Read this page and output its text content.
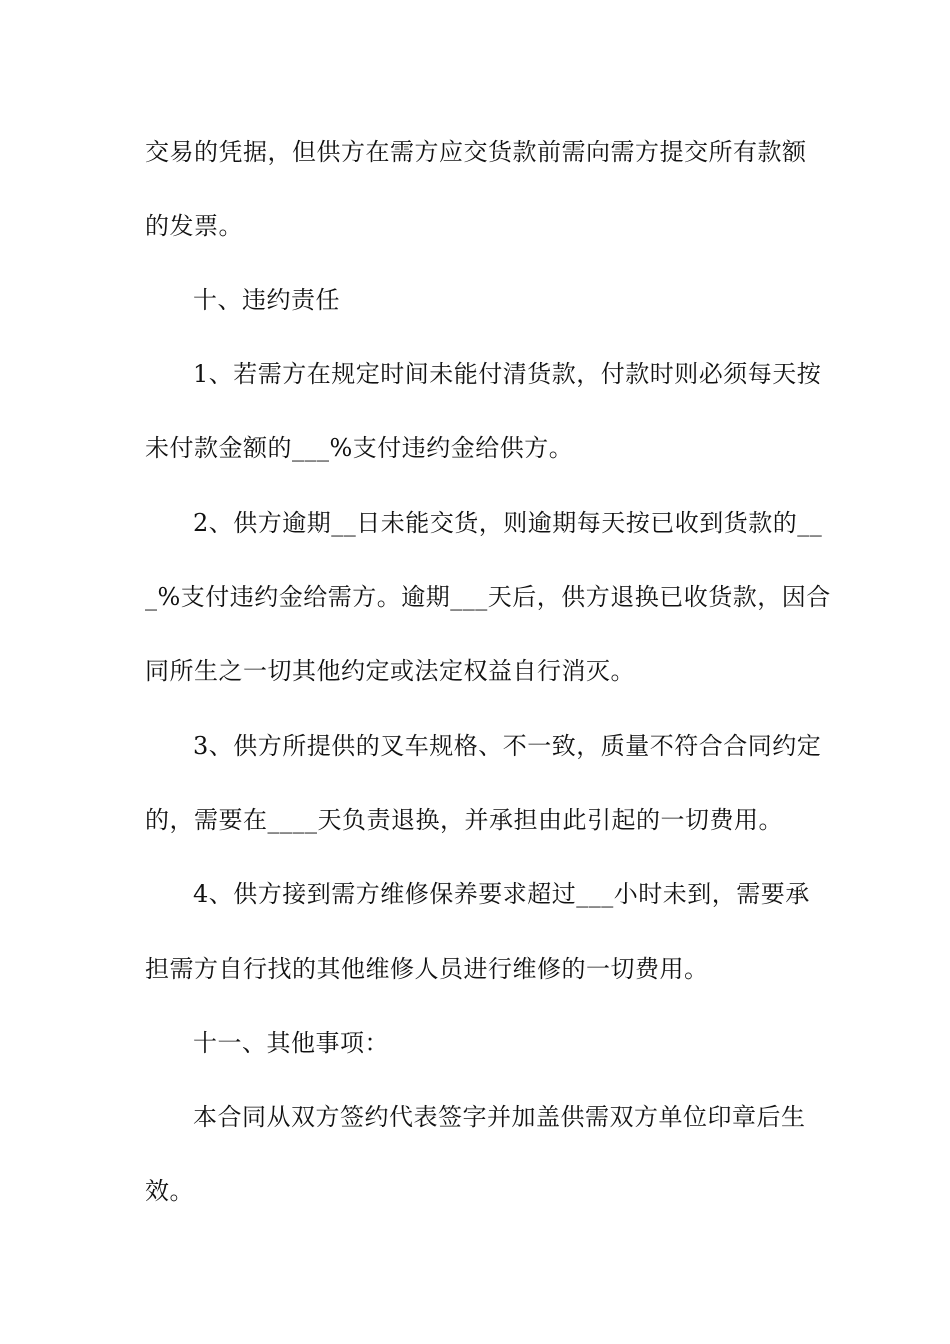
交易的凭据，但供方在需方应交货款前需向需方提交所有款额
的发票。
十、违约责任
1、若需方在规定时间未能付清货款，付款时则必须每天按
未付款金额的___%支付违约金给供方。
2、供方逾期__日未能交货，则逾期每天按已收到货款的__
_%支付违约金给需方。逾期___天后，供方退换已收货款，因合
同所生之一切其他约定或法定权益自行消灭。
3、供方所提供的叉车规格、不一致，质量不符合合同约定
的，需要在____天负责退换，并承担由此引起的一切费用。
4、供方接到需方维修保养要求超过___小时未到，需要承
担需方自行找的其他维修人员进行维修的一切费用。
十一、其他事项：
本合同从双方签约代表签字并加盖供需双方单位印章后生
效。
